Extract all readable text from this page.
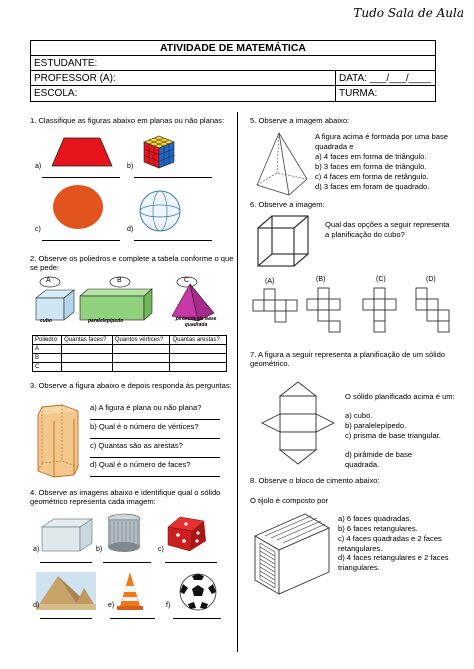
Tudo Sala de Aula
ATIVIDADE DE MATEMÁTICA
ESTUDANTE:
PROFESSOR (A):	DATA: ___/___/____
ESCOLA:	TURMA:
1. Classifique as figuras abaixo em planas ou não planas:
a)	b)
c)	d)
2. Observe os poliedros e complete a tabela conforme o que se pede:
A	B	C
cubo	paralelepípedo	pirâmide de base quadrada
Poliedro	Quantas faces?	Quantos vértices?	Quantas arestas?
A			
B			
C			
3. Observe a figura abaixo e depois responda às perguntas:
a) A figura é plana ou não plana?
b) Qual é o número de vértices?
c) Quantas são as arestas?
d) Qual é o número de faces?
4. Observe as imagens abaixo e identifique qual o sólido geométrico representa cada imagem:
a)	b)	c)
d)	e)	f)
5. Observe a imagem abaixo:
A figura acima é formada por uma base quadrada e
a) 4 faces em forma de triângulo.
b) 3 faces em forma de triângulo.
c) 4 faces em forma de retângulo.
d) 3 faces em foram de quadrado.
6. Observe a imagem:
Qual das opções a seguir representa a planificação do cubo?
(A)	(B)	(C)	(D)
7. A figura a seguir representa a planificação de um sólido geométrico.
O sólido planificado acima é um:
a) cubo.
b) paralelepípedo.
c) prisma de base triangular.
d) pirâmide de base quadrada.
8. Observe o bloco de cimento abaixo:
O tijolo é composto por
a) 6 faces quadradas.
b) 6 faces retangulares.
c) 4 faces quadradas e 2 faces retangulares.
d) 4 faces retangulares e 2 faces triangulares.
